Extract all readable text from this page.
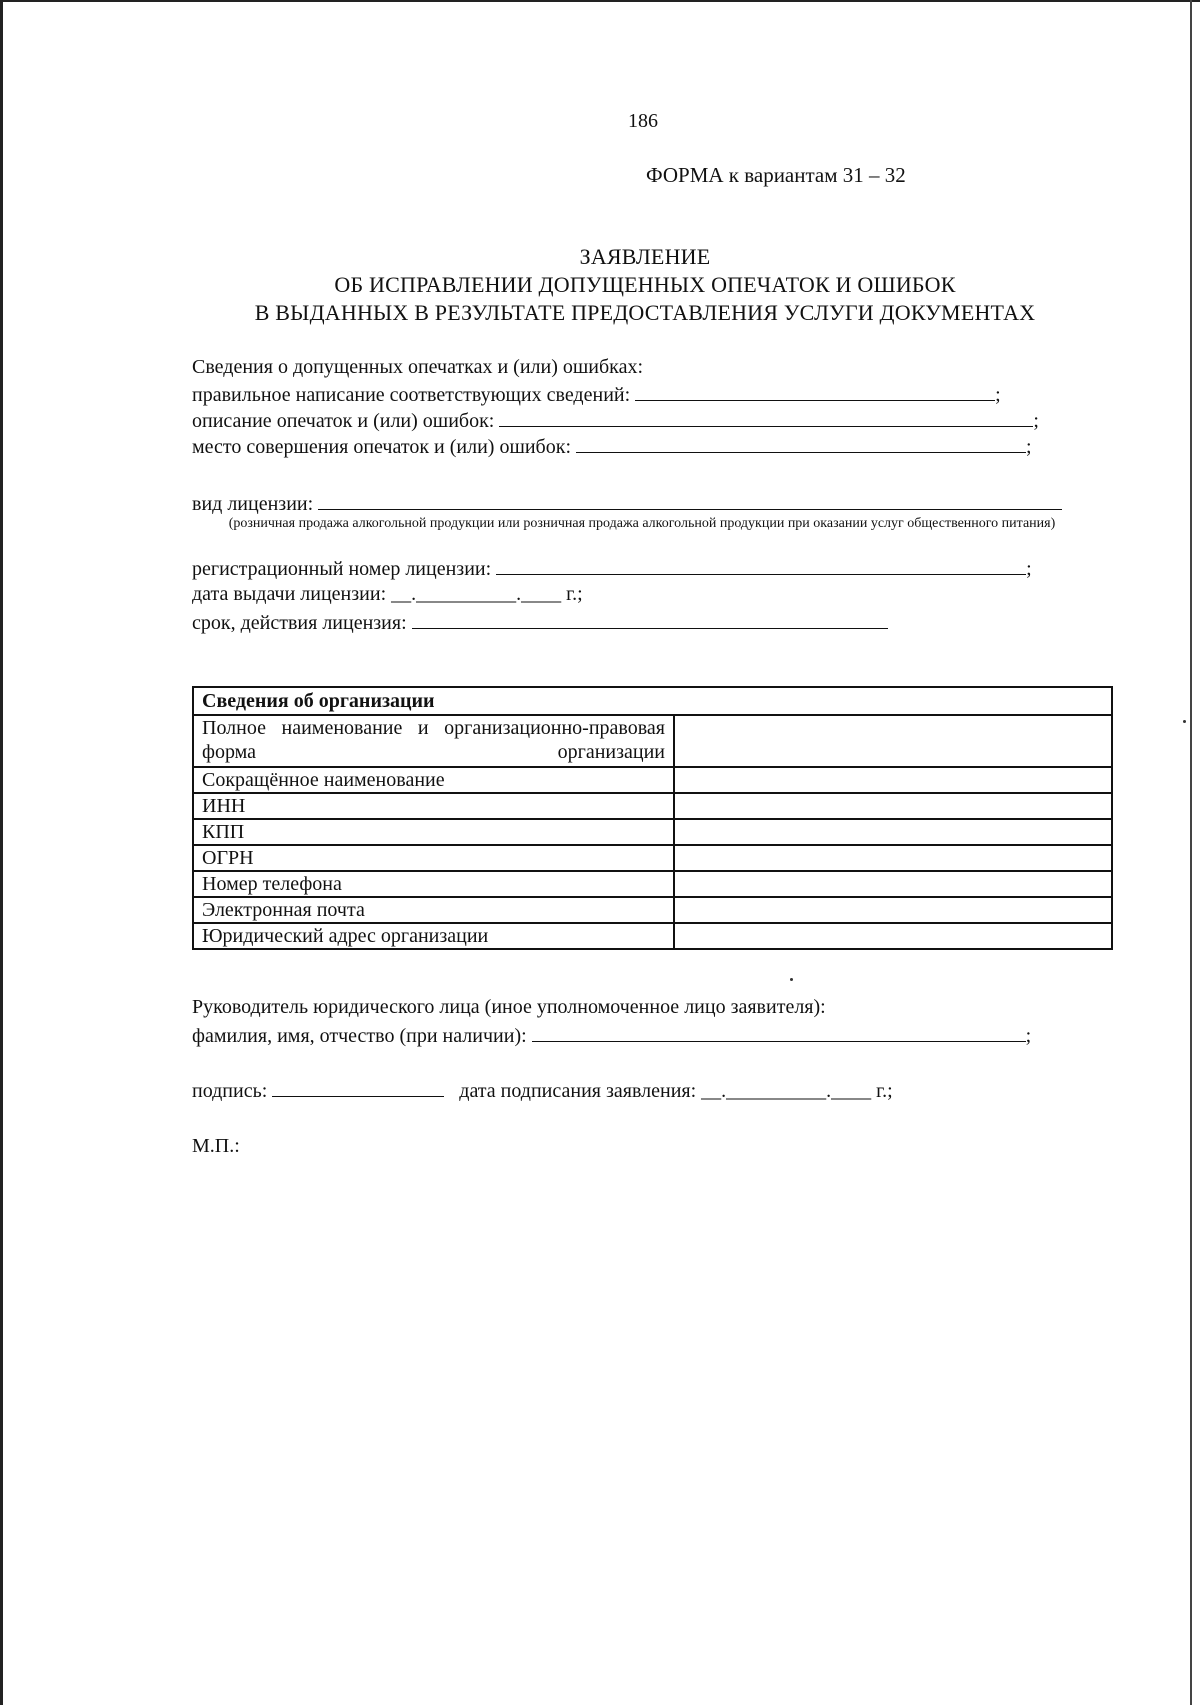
186
ФОРМА к вариантам 31 – 32
ЗАЯВЛЕНИЕ
ОБ ИСПРАВЛЕНИИ ДОПУЩЕННЫХ ОПЕЧАТОК И ОШИБОК
В ВЫДАННЫХ В РЕЗУЛЬТАТЕ ПРЕДОСТАВЛЕНИЯ УСЛУГИ ДОКУМЕНТАХ
Сведения о допущенных опечатках и (или) ошибках:
правильное написание соответствующих сведений:	;
описание опечаток и (или) ошибок:	;
место совершения опечаток и (или) ошибок:	;
вид лицензии:
(розничная продажа алкогольной продукции или розничная продажа алкогольной продукции при оказании услуг общественного питания)
регистрационный номер лицензии:	;
дата выдачи лицензии: __.__________.____ г.;
срок, действия лицензия:
Сведения об организации	

Полное наименование и организационно-правовая форма организации	

Сокращённое наименование	
ИНН	
КПП	
ОГРН	
Номер телефона	
Электронная почта	
Юридический адрес организации	
Руководитель юридического лица (иное уполномоченное лицо заявителя):
фамилия, имя, отчество (при наличии):	;
подпись:	дата подписания заявления: __.__________.____ г.;
М.П.:
